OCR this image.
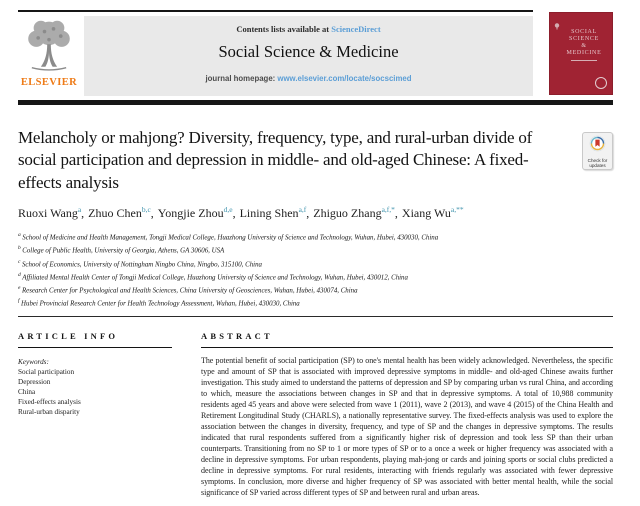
ELSEVIER
Contents lists available at ScienceDirect
Social Science & Medicine
journal homepage: www.elsevier.com/locate/socscimed
SOCIAL
SCIENCE
&
MEDICINE
Melancholy or mahjong? Diversity, frequency, type, and rural-urban divide of social participation and depression in middle- and old-aged Chinese: A fixed-effects analysis
Check for
updates
Ruoxi Wang$^a$, Zhuo Chen$^{b,c}$, Yongjie Zhou$^{d,e}$, Lining Shen$^{a,f}$, Zhiguo Zhang$^{a,f,*}$, Xiang $Wu^{a,**}$
$^a$ School of Medicine and Health Management, Tongji Medical College, Huazhong University of Science and Technology, Wuhan, Hubei, 430030, China
$^b$ College of Public Health, University of Georgia, Athens, GA 30606, USA
$^c$ School of Economics, University of Nottingham Ningbo China, Ningbo, 315100, China
$^d$ Affiliated Mental Health Center of Tongji Medical College, Huazhong University of Science and Technology, Wuhan, Hubei, 430012, China
$^e$ Research Center for Psychological and Health Sciences, China University of Geosciences, Wuhan, Hubei, 430074, China
$^f$ Hubei Provincial Research Center for Health Technology Assessment, Wuhan, Hubei, 430030, China
ARTICLE INFO
Keywords:
Social participation
Depression
China
Fixed-effects analysis
Rural-urban disparity
ABSTRACT

The potential benefit of social participation (SP) to one's mental health has been widely acknowledged. Nevertheless, the specific type and amount of SP that is associated with improved depressive symptoms in middle- and old-aged Chinese awaits further investigation. This study aimed to understand the patterns of depression and SP by comparing urban vs rural China, and according to which, measure the associations between changes in SP and that in depressive symptoms. A total of 10,988 community residents aged 45 years and above were selected from wave 1 (2011), wave 2 (2013), and wave 4 (2015) of the China Health and Retirement Longitudinal Study (CHARLS), a nationally representative survey. The fixed-effects analysis was used to explore the association between the changes in diversity, frequency, and type of SP and the changes in depressive symptoms. The results indicated that rural respondents suffered from a significantly higher risk of depression and took less SP than their urban counterparts. Transitioning from no SP to 1 or more types of SP or to a once a week or higher frequency was associated with a decline in depressive symptoms. For urban respondents, playing mah-jong or cards and joining sports or social clubs predicted a decline in depressive symptoms. For rural residents, interacting with friends regularly was associated with fewer depressive symptoms. In conclusion, more diverse and higher frequency of SP was associated with better mental health, while the social significance of SP varied across different types of SP and between rural and urban areas.
